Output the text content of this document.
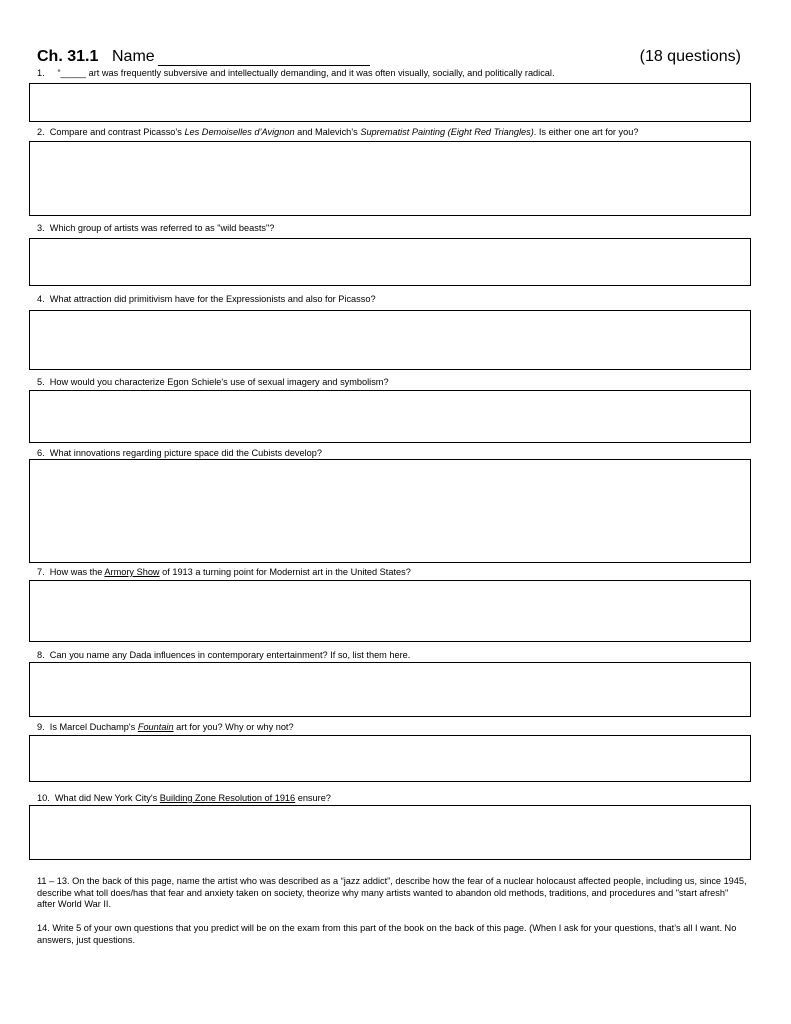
Ch. 31.1 Name	(18 questions)
1. “_____ art was frequently subversive and intellectually demanding, and it was often visually, socially, and politically radical.
2. Compare and contrast Picasso’s Les Demoiselles d’Avignon and Malevich’s Suprematist Painting (Eight Red Triangles). Is either one art for you?
3. Which group of artists was referred to as "wild beasts"?
4. What attraction did primitivism have for the Expressionists and also for Picasso?
5. How would you characterize Egon Schiele's use of sexual imagery and symbolism?
6. What innovations regarding picture space did the Cubists develop?
7. How was the Armory Show of 1913 a turning point for Modernist art in the United States?
8. Can you name any Dada influences in contemporary entertainment? If so, list them here.
9. Is Marcel Duchamp's Fountain art for you? Why or why not?
10. What did New York City's Building Zone Resolution of 1916 ensure?
11 – 13. On the back of this page, name the artist who was described as a “jazz addict”, describe how the fear of a nuclear holocaust affected people, including us, since 1945, describe what toll does/has that fear and anxiety taken on society, theorize why many artists wanted to abandon old methods, traditions, and procedures and "start afresh" after World War II.
14. Write 5 of your own questions that you predict will be on the exam from this part of the book on the back of this page. (When I ask for your questions, that’s all I want. No answers, just questions.
